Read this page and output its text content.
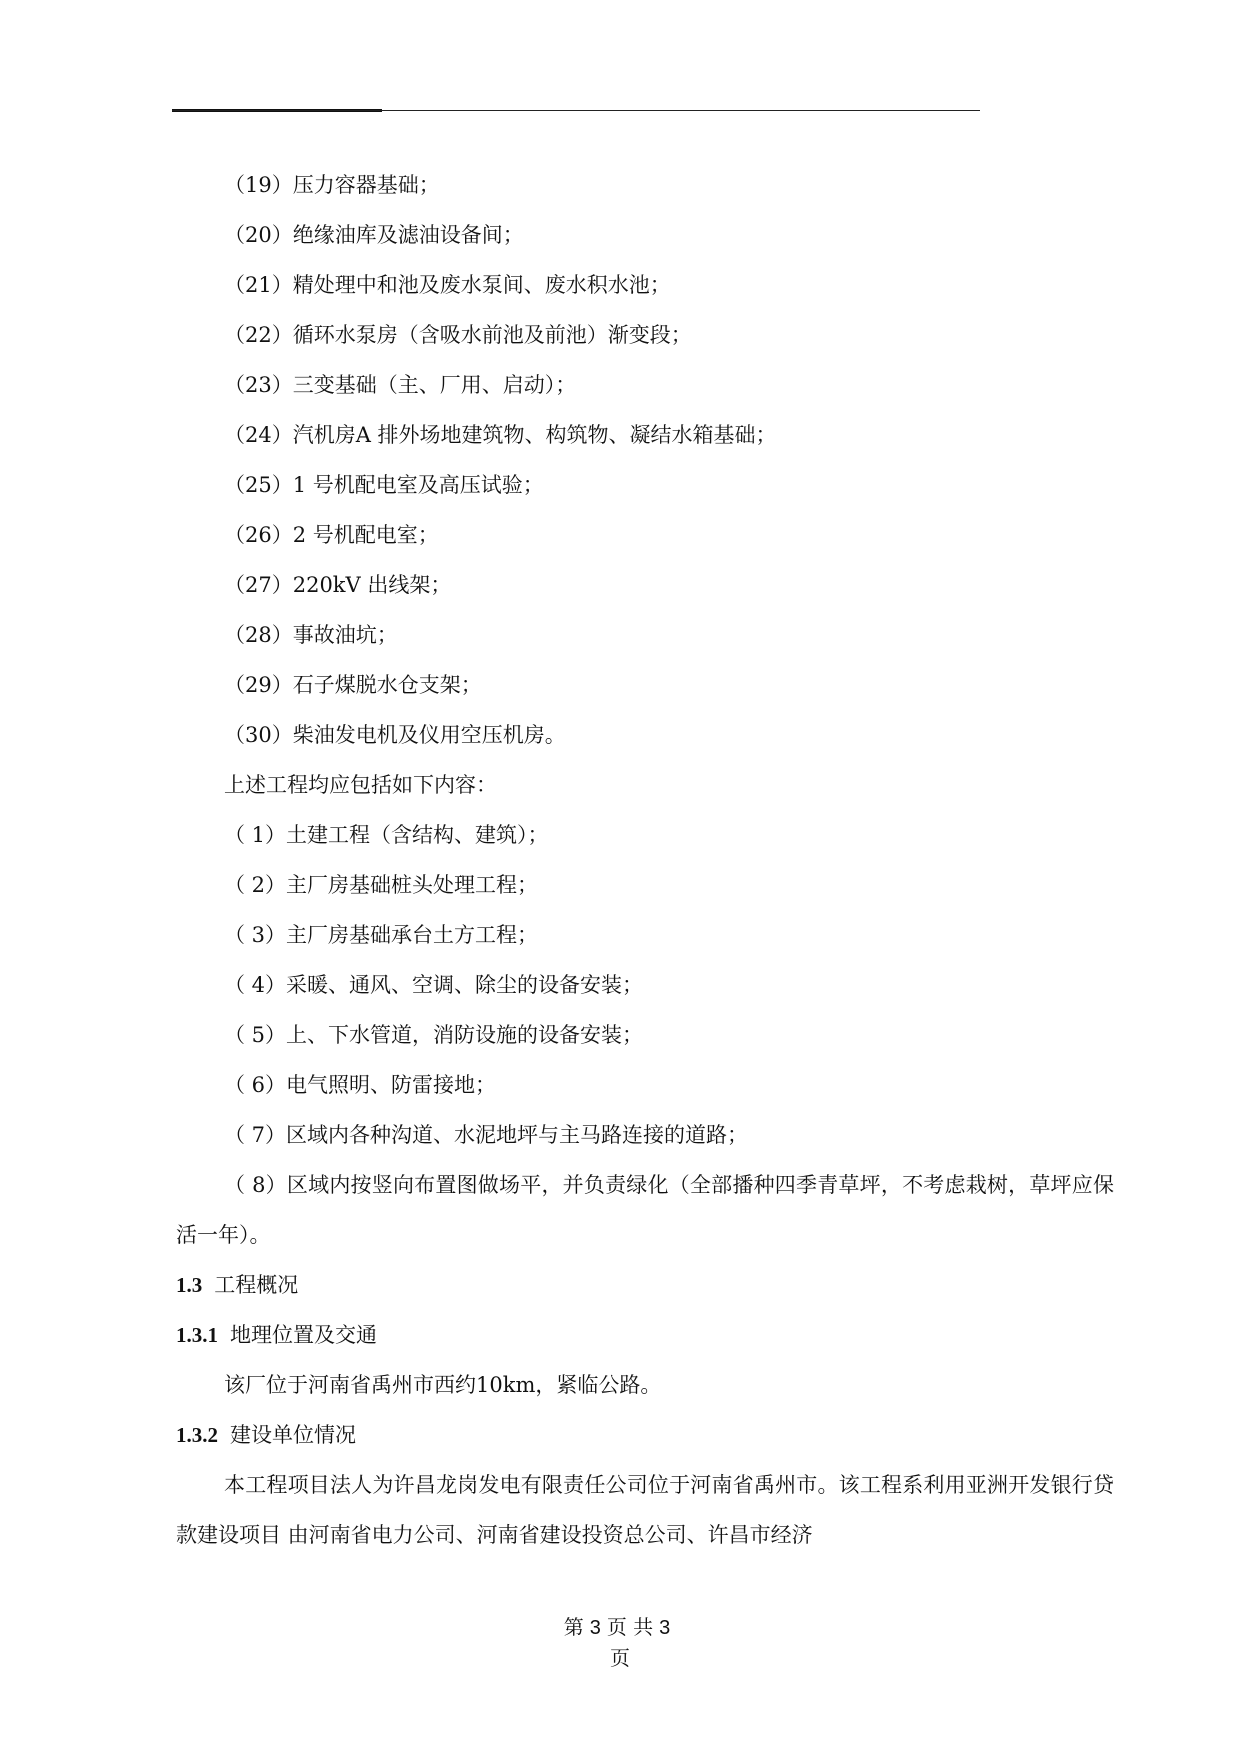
（19）压力容器基础；

（20）绝缘油库及滤油设备间；

（21）精处理中和池及废水泵间、废水积水池；

（22）循环水泵房（含吸水前池及前池）渐变段；

（23）三变基础（主、厂用、启动）；

（24）汽机房A 排外场地建筑物、构筑物、凝结水箱基础；

（25）1 号机配电室及高压试验；

（26）2 号机配电室；

（27）220kV 出线架；

（28）事故油坑；

（29）石子煤脱水仓支架；

（30）柴油发电机及仪用空压机房。

上述工程均应包括如下内容：

（ 1）土建工程（含结构、建筑）；

（ 2）主厂房基础桩头处理工程；

（ 3）主厂房基础承台土方工程；

（ 4）采暖、通风、空调、除尘的设备安装；

（ 5）上、下水管道，消防设施的设备安装；

（ 6）电气照明、防雷接地；

（ 7）区域内各种沟道、水泥地坪与主马路连接的道路；

（ 8）区域内按竖向布置图做场平，并负责绿化（全部播种四季青草坪，不考虑栽树，草坪应保活一年）。

1.3 工程概况

1.3.1 地理位置及交通

该厂位于河南省禹州市西约10km，紧临公路。

1.3.2 建设单位情况

本工程项目法人为许昌龙岗发电有限责任公司位于河南省禹州市。该工程系利用亚洲开发银行贷款建设项目 由河南省电力公司、河南省建设投资总公司、许昌市经济

第 3 页 共 3
页
